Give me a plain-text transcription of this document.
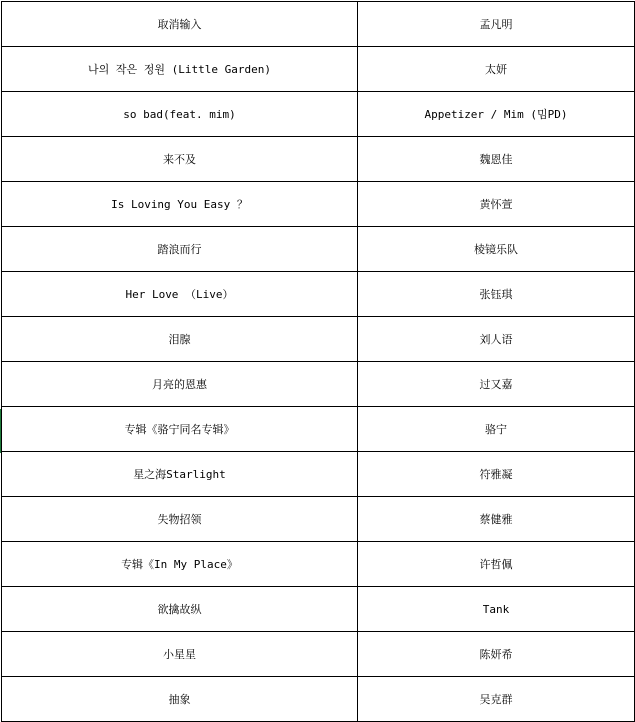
取消输入	孟凡明
나의 작은 정원 (Little Garden)	太妍
so bad(feat. mim)	Appetizer / Mim (밈PD)
来不及	魏恩佳
Is Loving You Easy ？	黄怀萱
踏浪而行	棱镜乐队
Her Love （Live）	张钰琪
泪腺	刘人语
月亮的恩惠	过又嘉
专辑《骆宁同名专辑》	骆宁
星之海Starlight	符雅凝
失物招领	蔡健雅
专辑《In My Place》	许哲佩
欲擒故纵	Tank
小星星	陈妍希
抽象	吴克群
